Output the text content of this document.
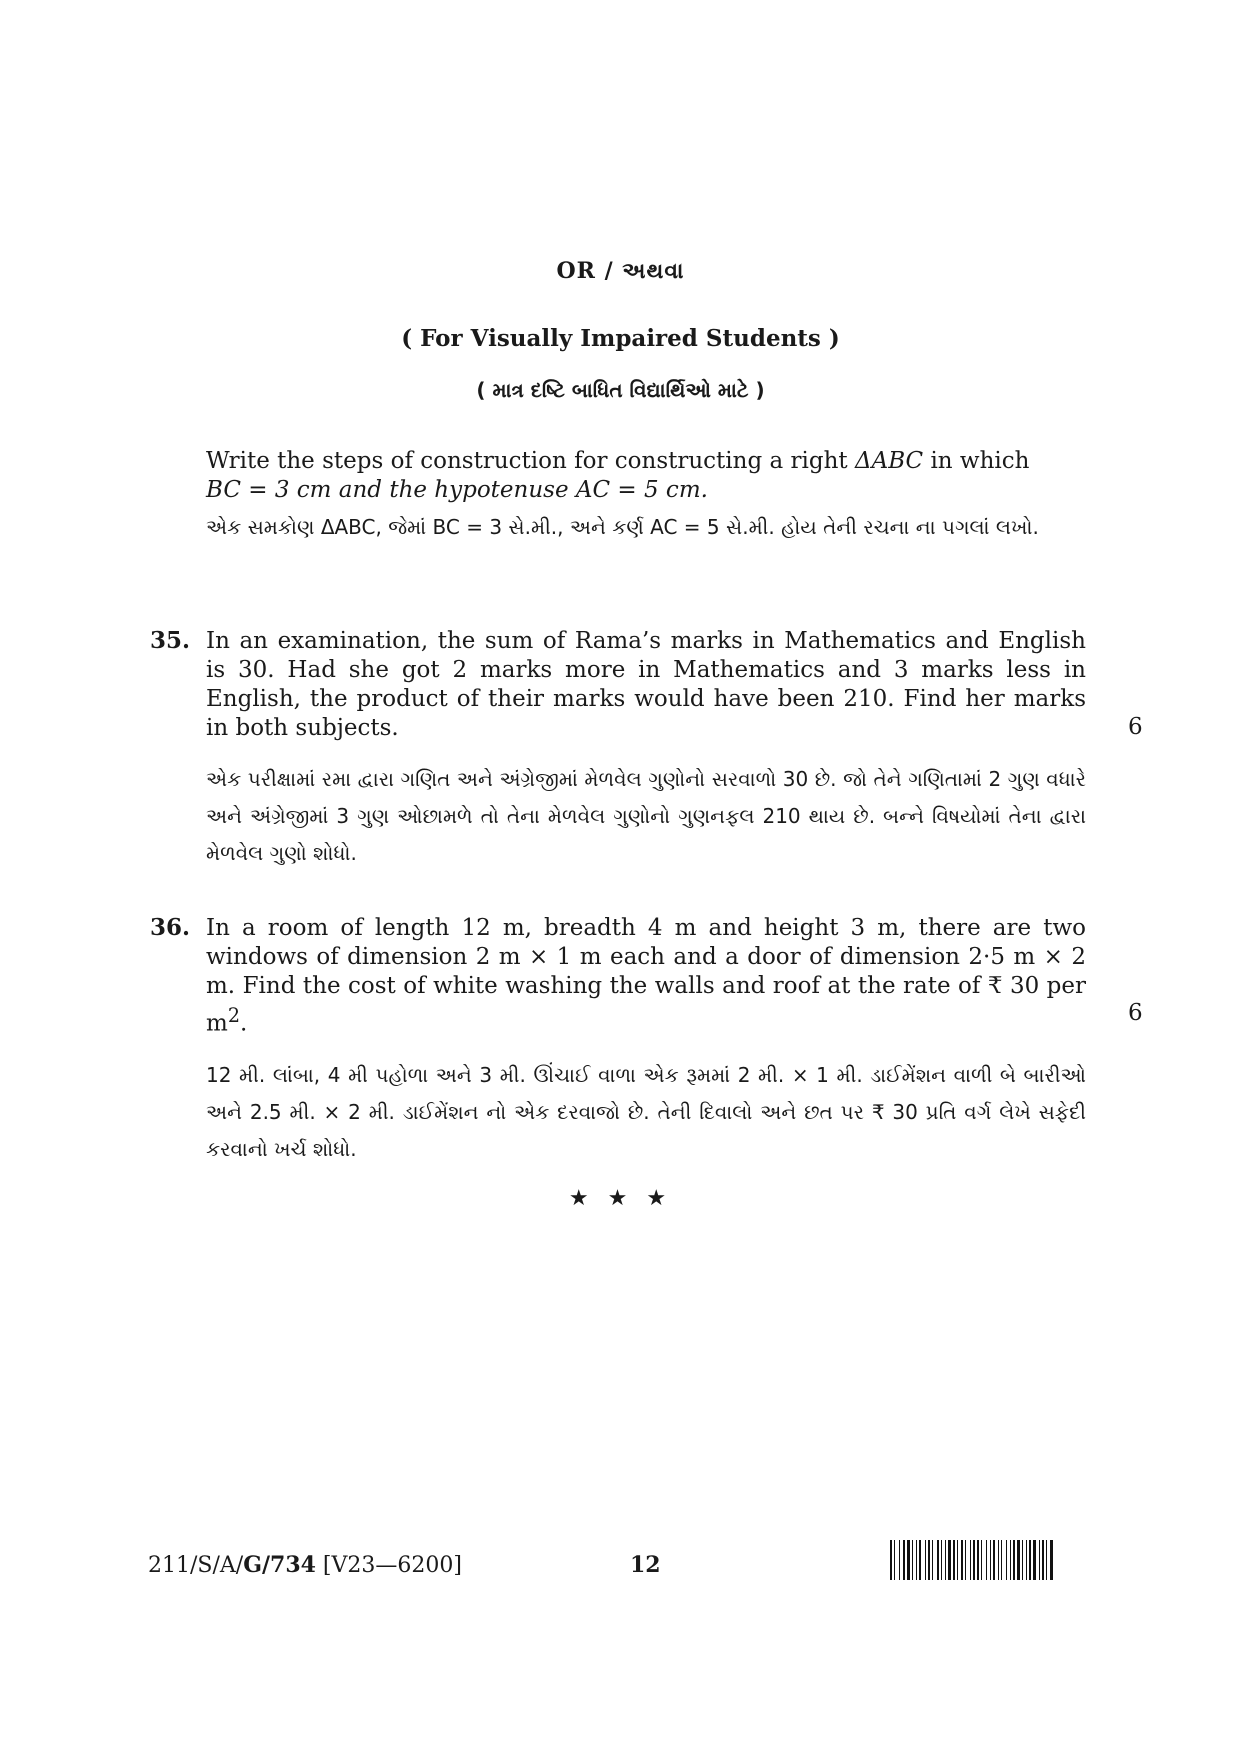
OR / અથવા
( For Visually Impaired Students )
( માત્ર દષ્ટિ બાધિત વિદ્યાર્થિઓ માટે )

Write the steps of construction for constructing a right ΔABC in which
BC = 3 cm and the hypotenuse AC = 5 cm.

એક સમકોણ ΔABC, જેમાં BC = 3 સે.મી., અને કર્ણ AC = 5 સે.મી. હોય તેની રચના ના પગલાં લખો.

35. In an examination, the sum of Rama’s marks in Mathematics and English is 30. Had she got 2 marks more in Mathematics and 3 marks less in English, the product of their marks would have been 210. Find her marks in both subjects.

એક પરીક્ષામાં રમા દ્વારા ગણિત અને અંગ્રેજીમાં મેળવેલ ગુણોનો સરવાળો 30 છે. જો તેને ગણિતામાં 2 ગુણ વધારે અને અંગ્રેજીમાં 3 ગુણ ઓછામળે તો તેના મેળવેલ ગુણોનો ગુણનફલ 210 થાય છે. બન્ને વિષયોમાં તેના દ્વારા મેળવેલ ગુણો શોધો.

6
36. In a room of length 12 m, breadth 4 m and height 3 m, there are two windows of dimension 2 m × 1 m each and a door of dimension 2·5 m × 2 m. Find the cost of white washing the walls and roof at the rate of ₹ 30 per $m^2$.

12 મી. લાંબા, 4 મી પહોળા અને 3 મી. ઊંચાઈ વાળા એક રૂમમાં 2 મી. × 1 મી. ડાઈમેંશન વાળી બે બારીઓ અને 2.5 મી. × 2 મી. ડાઈમેંશન નો એક દરવાજો છે. તેની દિવાલો અને છત પર ₹ 30 પ્રતિ વર્ગ લેખે સફેદી કરવાનો ખર્ચ શોધો.

6
★ ★ ★
211/S/A/G/734 [V23—6200]	12
